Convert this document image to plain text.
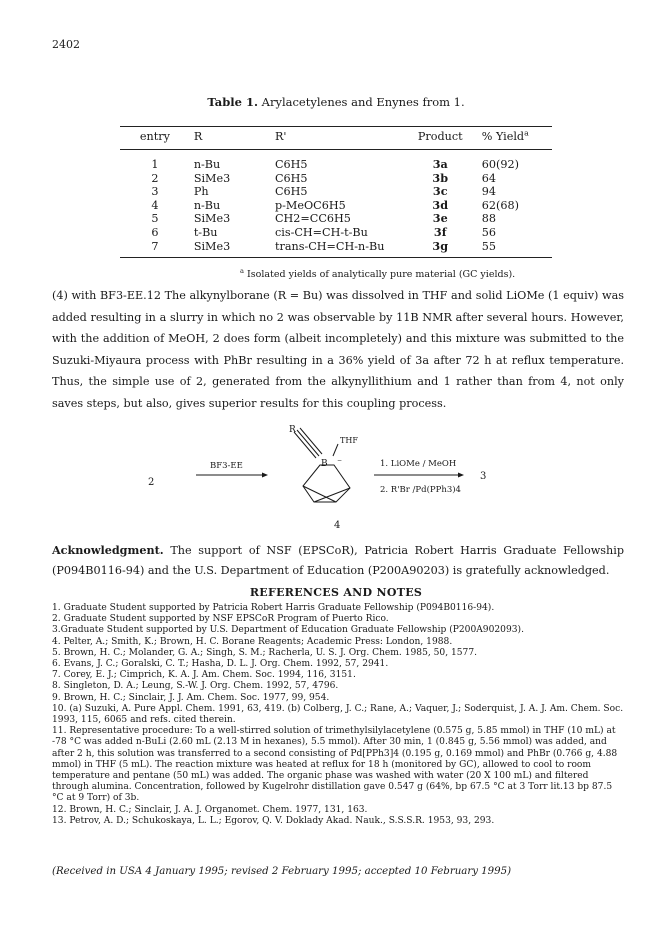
2402
Table 1. Arylacetylenes and Enynes from 1.
entry	R	R'	Product	% Yield$^a$
1	n-Bu	C6H5	3a	60(92)
2	SiMe3	C6H5	3b	64
3	Ph	C6H5	3c	94
4	n-Bu	p-MeOC6H5	3d	62(68)
5	SiMe3	CH2=CC6H5	3e	88
6	t-Bu	cis-CH=CH-t-Bu	3f	56
7	SiMe3	trans-CH=CH-n-Bu	3g	55
$^a$ Isolated yields of analytically pure material (GC yields).
(4) with BF3-EE.12 The alkynylborane (R = Bu) was dissolved in THF and solid LiOMe (1 equiv) was added resulting in a slurry in which no 2 was observable by 11B NMR after several hours. However, with the addition of MeOH, 2 does form (albeit incompletely) and this mixture was submitted to the Suzuki-Miyaura process with PhBr resulting in a 36% yield of 3a after 72 h at reflux temperature. Thus, the simple use of 2, generated from the alkynyllithium and 1 rather than from 4, not only saves steps, but also, gives superior results for this coupling process.
2
BF3-EE
R
THF
B −
4
1. LiOMe / MeOH
2. R'Br /Pd(PPh3)4
3
Acknowledgment. The support of NSF (EPSCoR), Patricia Robert Harris Graduate Fellowship (P094B0116-94) and the U.S. Department of Education (P200A90203) is gratefully acknowledged.
REFERENCES AND NOTES

1. Graduate Student supported by Patricia Robert Harris Graduate Fellowship (P094B0116-94).

2. Graduate Student supported by NSF EPSCoR Program of Puerto Rico.

3.Graduate Student supported by U.S. Department of Education Graduate Fellowship (P200A902093).

4. Pelter, A.; Smith, K.; Brown, H. C. Borane Reagents; Academic Press: London, 1988.

5. Brown, H. C.; Molander, G. A.; Singh, S. M.; Racherla, U. S. J. Org. Chem. 1985, 50, 1577.

6. Evans, J. C.; Goralski, C. T.; Hasha, D. L. J. Org. Chem. 1992, 57, 2941.

7. Corey, E. J.; Cimprich, K. A. J. Am. Chem. Soc. 1994, 116, 3151.

8. Singleton, D. A.; Leung, S.-W. J. Org. Chem. 1992, 57, 4796.

9. Brown, H. C.; Sinclair, J. J. Am. Chem. Soc. 1977, 99, 954.

10. (a) Suzuki, A. Pure Appl. Chem. 1991, 63, 419. (b) Colberg, J. C.; Rane, A.; Vaquer, J.; Soderquist, J. A. J. Am. Chem. Soc. 1993, 115, 6065 and refs. cited therein.

11. Representative procedure: To a well-stirred solution of trimethylsilylacetylene (0.575 g, 5.85 mmol) in THF (10 mL) at -78 °C was added n-BuLi (2.60 mL (2.13 M in hexanes), 5.5 mmol). After 30 min, 1 (0.845 g, 5.56 mmol) was added, and after 2 h, this solution was transferred to a second consisting of Pd[PPh3]4 (0.195 g, 0.169 mmol) and PhBr (0.766 g, 4.88 mmol) in THF (5 mL). The reaction mixture was heated at reflux for 18 h (monitored by GC), allowed to cool to room temperature and pentane (50 mL) was added. The organic phase was washed with water (20 X 100 mL) and filtered through alumina. Concentration, followed by Kugelrohr distillation gave 0.547 g (64%, bp 67.5 °C at 3 Torr lit.13 bp 87.5 °C at 9 Torr) of 3b.

12. Brown, H. C.; Sinclair, J. A. J. Organomet. Chem. 1977, 131, 163.

13. Petrov, A. D.; Schukoskaya, L. L.; Egorov, Q. V. Doklady Akad. Nauk., S.S.S.R. 1953, 93, 293.

(Received in USA 4 January 1995; revised 2 February 1995; accepted 10 February 1995)
